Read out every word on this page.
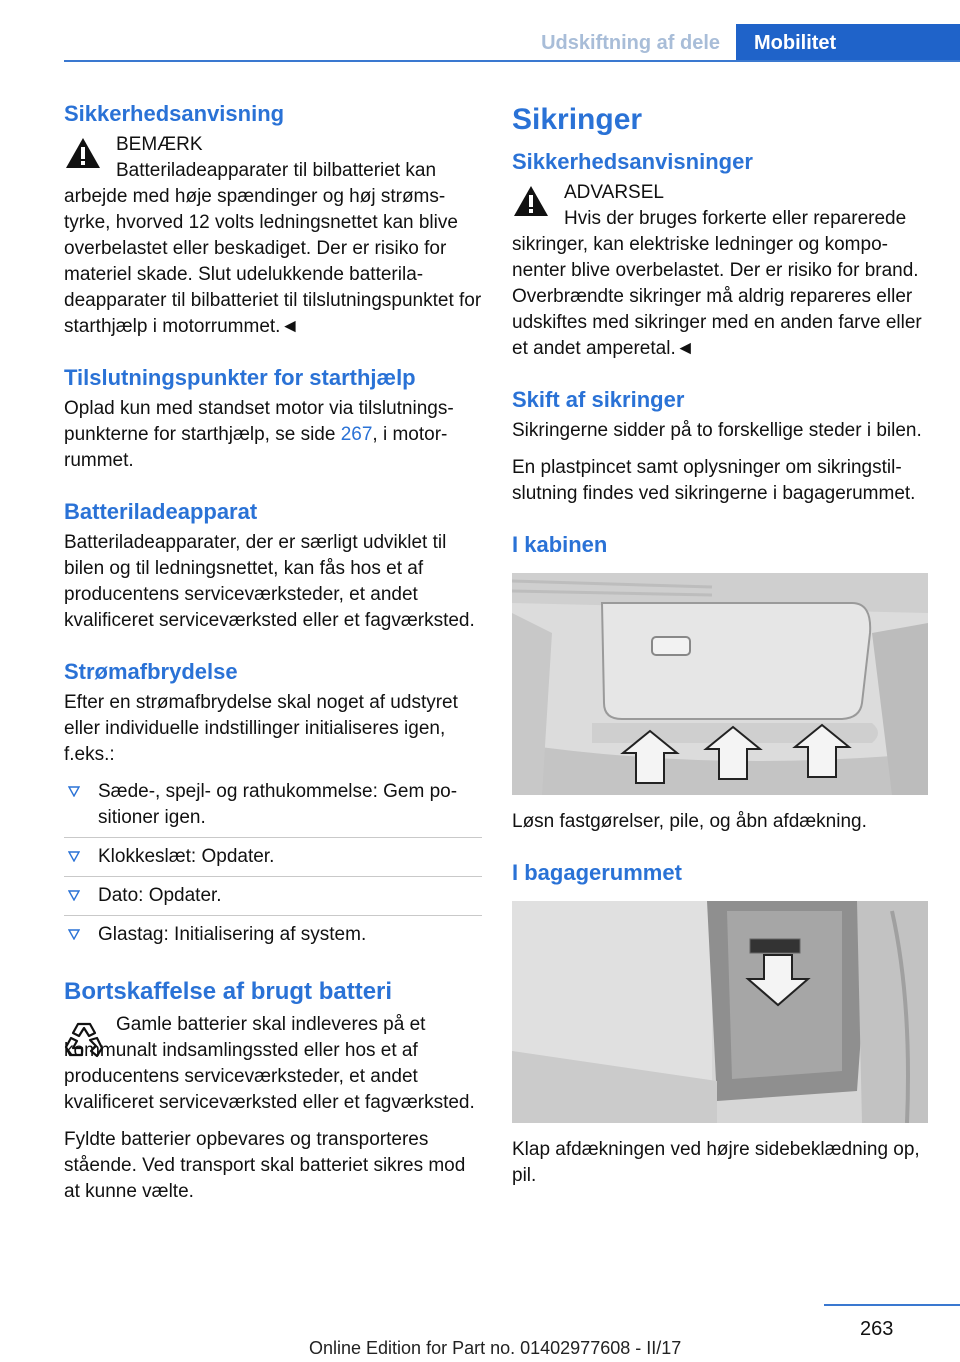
Udskiftning af dele	Mobilitet
Sikkerhedsanvisning
BEMÆRK
Batteriladeapparater til bilbatteriet kan arbejde med høje spændinger og høj strømstyrke, hvorved 12 volts ledningsnettet kan blive overbelastet eller beskadiget. Der er risiko for materiel skade. Slut udelukkende batteriladeapparater til bilbatteriet til tilslutningspunktet for starthjælp i motorrummet.◄
Tilslutningspunkter for starthjælp

Oplad kun med standset motor via tilslutningspunkterne for starthjælp, se side 267, i motorrummet.

Batteriladeapparat

Batteriladeapparater, der er særligt udviklet til bilen og til ledningsnettet, kan fås hos et af producentens serviceværksteder, et andet kvalificeret serviceværksted eller et fagværksted.

Strømafbrydelse

Efter en strømafbrydelse skal noget af udstyret eller individuelle indstillinger initialiseres igen, f.eks.:

Sæde-, spejl- og rathukommelse: Gem positioner igen.
Klokkeslæt: Opdater.
Dato: Opdater.
Glastag: Initialisering af system.
Bortskaffelse af brugt batteri
Gamle batterier skal indleveres på et kommunalt indsamlingssted eller hos et af producentens serviceværksteder, et andet kvalificeret serviceværksted eller et fagværksted.

Fyldte batterier opbevares og transporteres stående. Ved transport skal batteriet sikres mod at kunne vælte.

Sikringer
Sikkerhedsanvisninger
ADVARSEL
Hvis der bruges forkerte eller reparerede sikringer, kan elektriske ledninger og komponenter blive overbelastet. Der er risiko for brand. Overbrændte sikringer må aldrig repareres eller udskiftes med sikringer med en anden farve eller et andet amperetal.◄
Skift af sikringer

Sikringerne sidder på to forskellige steder i bilen.

En plastpincet samt oplysninger om sikringstilslutning findes ved sikringerne i bagagerummet.

I kabinen

Løsn fastgørelser, pile, og åbn afdækning.

I bagagerummet

Klap afdækningen ved højre sidebeklædning op, pil.

263
Online Edition for Part no. 01402977608 - II/17
